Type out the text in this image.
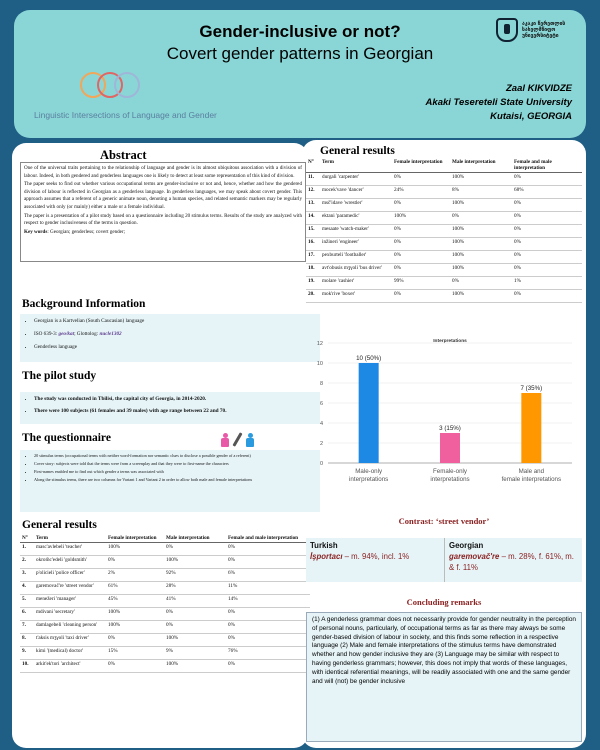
Gender-inclusive or not?
Covert gender patterns in Georgian
Linguistic Intersections of Language and Gender
აკაკი წერეთლის სახელმწიფო უნივერსიტეტი
Zaal KIKVIDZE
Akaki Tesereteli State University
Kutaisi, GEORGIA
Abstract

One of the universal traits pertaining to the relationship of language and gender is its almost ubiquitous association with a division of labour. Indeed, in both gendered and genderless languages one is likely to detect at least some representation of this kind of division.

The paper seeks to find out whether various occupational terms are gender-inclusive or not and, hence, whether and how the gendered division of labour is reflected in Georgian as a genderless language. In genderless languages, we may speak about covert gender. This approach assumes that a referent of a generic animate noun, denoting a human species, and related semantic markers may be regularly associated with only (or mainly) either a male or a female individual.

The paper is a presentation of a pilot study based on a questionnaire including 20 stimulus terms. Results of the study are analyzed with respect to gender inclusiveness of the terms in question.

Key words: Georgian; genderless; covert gender;

Background Information
• Georgian is a Kartvelian (South Caucasian) language
• ISO 639-3: geo/kat; Glottolog: nucle1302
• Genderless language
The pilot study
• The study was conducted in Tbilisi, the capital city of Georgia, in 2014-2020.
• There were 100 subjects (61 females and 39 males) with age range between 22 and 70.
The questionnaire
• 20 stimulus terms (occupational terms with neither word-formation nor semantic clues to disclose a possible gender of a referent)
• Cover story: subjects were told that the terms were from a screenplay and that they were to first-name the characters
• First-names enabled me to find out which gender a terms was associated with
• Along the stimulus terms, there are two columns for Variant 1 and Variant 2 in order to allow both male and female interpretations
General results
N°	Term	Female interpretation	Male interpretation	Female and male interpretation
1.	masc'avlebeli 'teacher'	100%	0%	0%
2.	okrom̄c'edeli 'goldsmith'	0%	100%	0%
3.	p'olicieli 'police officer'	2%	92%	6%
4.	garemovač're 'street vendor'	61%	28%	11%
5.	menežeri 'manager'	45%	41%	14%
6.	mdivani 'secretary'	100%	0%	0%
7.	damlagebeli 'cleaning person'	100%	0%	0%
8.	t'aksis mʒγoli 'taxi driver'	0%	100%	0%
9.	kimi '(medical) doctor'	15%	9%	76%
10.	arkit'ek'tori 'architect'	0%	100%	0%
General results
N°	Term	Female interpretation	Male interpretation	Female and male interpretation
11.	durgali 'carpenter'	0%	100%	0%
12.	mocek'vave 'dancer'	24%	8%	68%
13.	msč'idave 'wrestler'	0%	100%	0%
14.	ektani 'paramedic'	100%	0%	0%
15.	mesaate 'watch-maker'	0%	100%	0%
16.	inžineri 'engineer'	0%	100%	0%
17.	pexburteli 'footballer'	0%	100%	0%
18.	avt'obusis mʒγoli 'bus driver'	0%	100%	0%
19.	molare 'cashier'	99%	0%	1%
20.	mok'rive 'boxer'	0%	100%	0%
Interpretations
0
2
4
6
8
10
12
10 (50%)
Male-only
interpretations
3 (15%)
Female-only
interpretations
7 (35%)
Male and
female interpretations
Contrast: ‘street vendor’
Turkish
İşportacı – m. 94%, incl. 1%
Georgian
garemovač're – m. 28%, f. 61%, m. & f. 11%
Concluding remarks
(1) A genderless grammar does not necessarily provide for gender neutrality in the perception of personal nouns, particularly, of occupational terms as far as there may always be some gender-based division of labour in society, and this finds some reflection in a respective language (2) Male and female interpretations of the stimulus terms have demonstrated whether and how gender inclusive they are (3) Language may be similar with respect to having genderless grammars; however, this does not imply that words of these languages, with identical referential meanings, will be readily associated with one and the same gender and will (not) be gender inclusive
